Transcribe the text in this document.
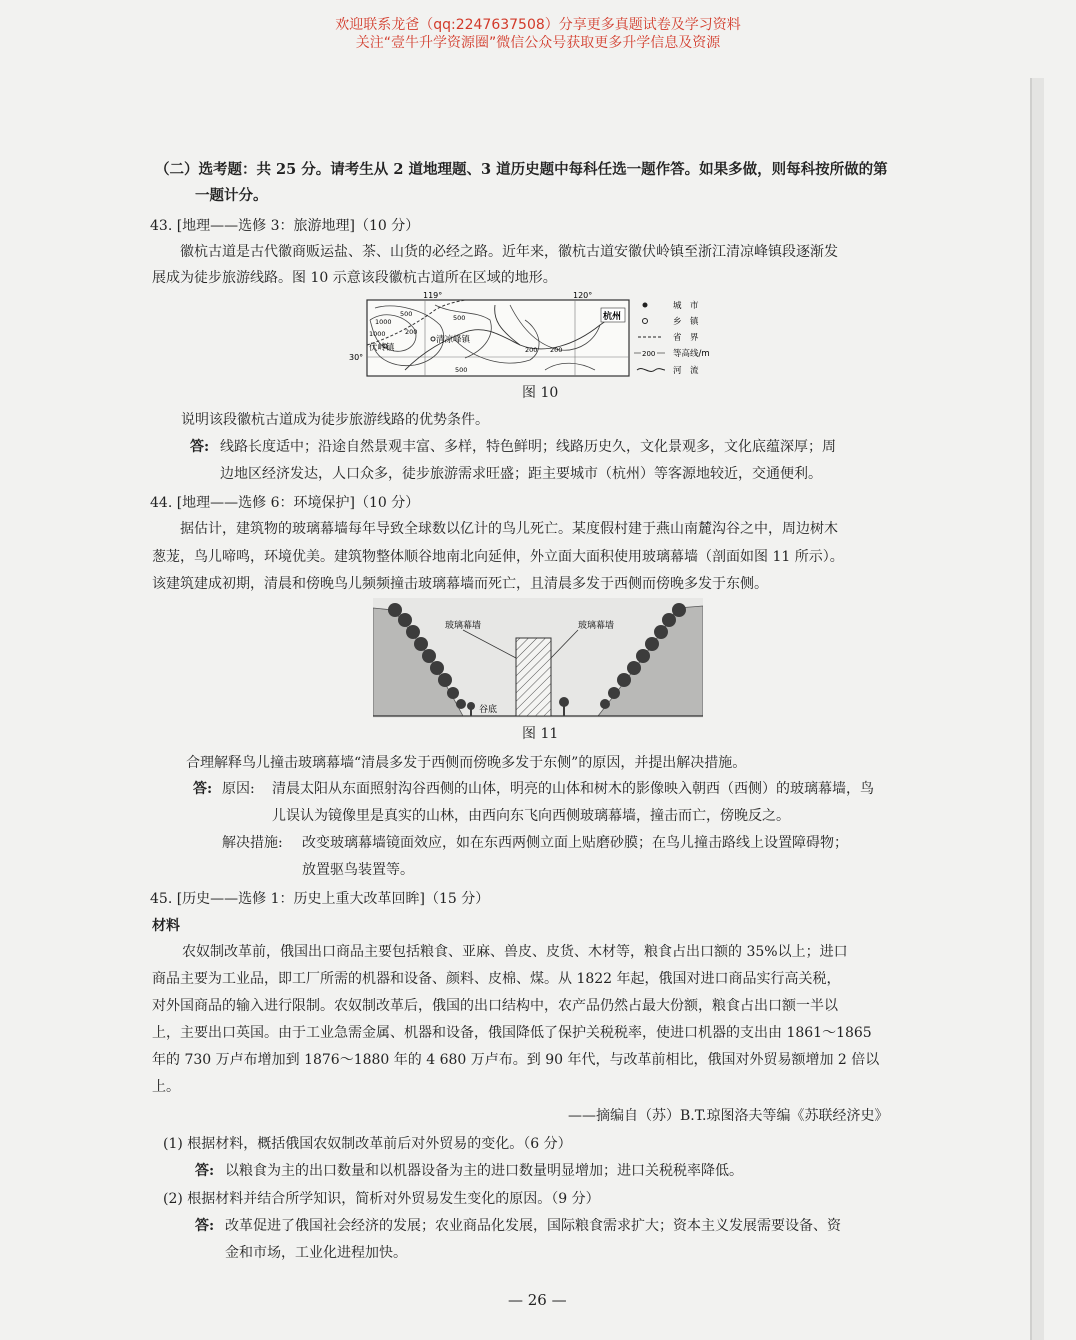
欢迎联系龙爸（qq:2247637508）分享更多真题试卷及学习资料
关注“壹牛升学资源圈”微信公众号获取更多升学信息及资源
（二）选考题：共 25 分。请考生从 2 道地理题、3 道历史题中每科任选一题作答。如果多做，则每科按所做的第
一题计分。
43. [地理——选修 3：旅游地理]（10 分）
徽杭古道是古代徽商贩运盐、茶、山货的必经之路。近年来，徽杭古道安徽伏岭镇至浙江清凉峰镇段逐渐发
展成为徒步旅游线路。图 10 示意该段徽杭古道所在区域的地形。
119°	120°
30°
伏岭镇
清凉峰镇
杭州
1000
500
200
500
200 200
1000
500
城　市
乡　镇
省　界
200 等高线/m
河　流
图 10
说明该段徽杭古道成为徒步旅游线路的优势条件。
答: 线路长度适中；沿途自然景观丰富、多样，特色鲜明；线路历史久，文化景观多，文化底蕴深厚；周
边地区经济发达，人口众多，徒步旅游需求旺盛；距主要城市（杭州）等客源地较近，交通便利。
44. [地理——选修 6：环境保护]（10 分）
据估计，建筑物的玻璃幕墙每年导致全球数以亿计的鸟儿死亡。某度假村建于燕山南麓沟谷之中，周边树木
葱茏，鸟儿啼鸣，环境优美。建筑物整体顺谷地南北向延伸，外立面大面积使用玻璃幕墙（剖面如图 11 所示）。
该建筑建成初期，清晨和傍晚鸟儿频频撞击玻璃幕墙而死亡，且清晨多发于西侧而傍晚多发于东侧。
玻璃幕墙	玻璃幕墙
谷底
图 11
合理解释鸟儿撞击玻璃幕墙“清晨多发于西侧而傍晚多发于东侧”的原因，并提出解决措施。
答: 原因: 清晨太阳从东面照射沟谷西侧的山体，明亮的山体和树木的影像映入朝西（西侧）的玻璃幕墙，鸟
儿误认为镜像里是真实的山林，由西向东飞向西侧玻璃幕墙，撞击而亡，傍晚反之。
解决措施: 改变玻璃幕墙镜面效应，如在东西两侧立面上贴磨砂膜；在鸟儿撞击路线上设置障碍物；
放置驱鸟装置等。
45. [历史——选修 1：历史上重大改革回眸]（15 分）
材料
农奴制改革前，俄国出口商品主要包括粮食、亚麻、兽皮、皮货、木材等，粮食占出口额的 35%以上；进口
商品主要为工业品，即工厂所需的机器和设备、颜料、皮棉、煤。从 1822 年起，俄国对进口商品实行高关税，
对外国商品的输入进行限制。农奴制改革后，俄国的出口结构中，农产品仍然占最大份额，粮食占出口额一半以
上，主要出口英国。由于工业急需金属、机器和设备，俄国降低了保护关税税率，使进口机器的支出由 1861～1865
年的 730 万卢布增加到 1876～1880 年的 4 680 万卢布。到 90 年代，与改革前相比，俄国对外贸易额增加 2 倍以
上。
——摘编自（苏）B.T.琼图洛夫等编《苏联经济史》
(1) 根据材料，概括俄国农奴制改革前后对外贸易的变化。（6 分）
答: 以粮食为主的出口数量和以机器设备为主的进口数量明显增加；进口关税税率降低。
(2) 根据材料并结合所学知识，简析对外贸易发生变化的原因。（9 分）
答: 改革促进了俄国社会经济的发展；农业商品化发展，国际粮食需求扩大；资本主义发展需要设备、资
金和市场，工业化进程加快。
— 26 —
